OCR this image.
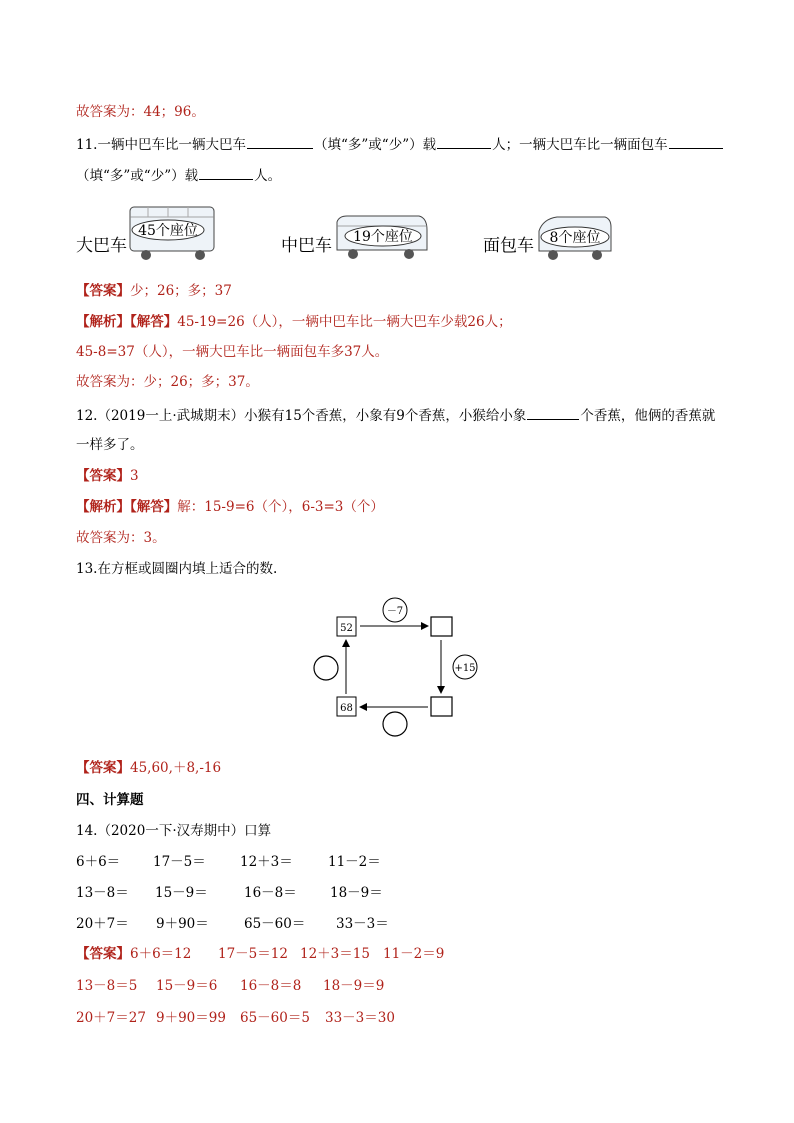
故答案为：44；96。
11.一辆中巴车比一辆大巴车	（填“多”或“少”）载	人；一辆大巴车比一辆面包车
（填“多”或“少”）载	人。
大巴车
45个座位
中巴车 19个座位	面包车 8个座位
【答案】少；26；多；37
【解析】【解答】45-19=26（人），一辆中巴车比一辆大巴车少载26人；
45-8=37（人），一辆大巴车比一辆面包车多37人。
故答案为：少；26；多；37。
12.（2019一上·武城期末）小猴有15个香蕉，小象有9个香蕉，小猴给小象	个香蕉，他俩的香蕉就
一样多了。
【答案】3
【解析】【解答】解：15-9=6（个），6-3=3（个）
故答案为：3。
13.在方框或圆圈内填上适合的数.
52
68
－7
+15
【答案】45,60,＋8,-16
四、计算题
14.（2020一下·汉寿期中）口算
6＋6＝ 17－5＝	12＋3＝	11－2＝
13－8＝ 15－9＝	16－8＝ 18－9＝
20＋7＝ 9＋90＝	65－60＝ 33－3＝
【答案】6＋6＝12 17－5＝12 12＋3＝15 11－2＝9
13－8＝5 15－9＝6 16－8＝8 18－9＝9
20＋7＝27 9＋90＝99 65－60＝5 33－3＝30
